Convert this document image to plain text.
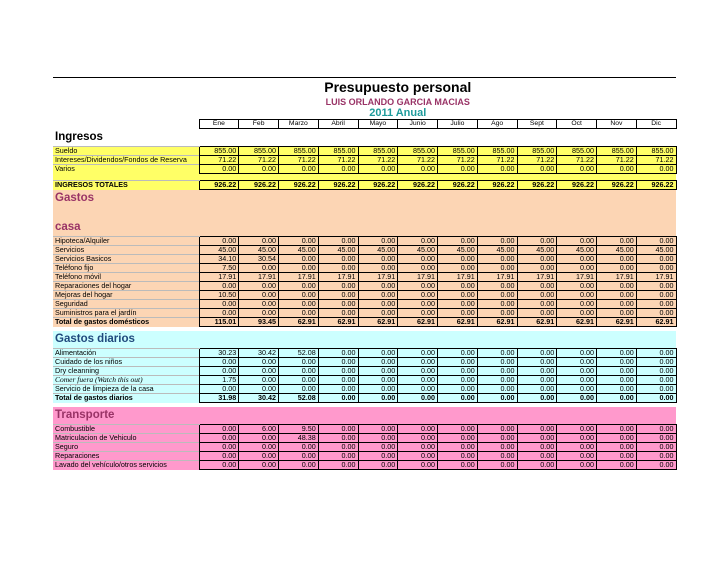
			Presupuesto personal									
			LUIS ORLANDO GARCIA MACIAS									
			2011 Anual									
	Ene	Feb	Marzo	Abril	Mayo	Junio	Julio	Ago	Sept	Oct	Nov	Dic
Ingresos												
Sueldo	855.00	855.00	855.00	855.00	855.00	855.00	855.00	855.00	855.00	855.00	855.00	855.00
Intereses/Dividendos/Fondos de Reserva	71.22	71.22	71.22	71.22	71.22	71.22	71.22	71.22	71.22	71.22	71.22	71.22
Varios	0.00	0.00	0.00	0.00	0.00	0.00	0.00	0.00	0.00	0.00	0.00	0.00

INGRESOS TOTALES	926.22	926.22	926.22	926.22	926.22	926.22	926.22	926.22	926.22	926.22	926.22	926.22
Gastos												

casa												
Hipoteca/Alquiler	0.00	0.00	0.00	0.00	0.00	0.00	0.00	0.00	0.00	0.00	0.00	0.00
Servicios	45.00	45.00	45.00	45.00	45.00	45.00	45.00	45.00	45.00	45.00	45.00	45.00
Servicios Basicos	34.10	30.54	0.00	0.00	0.00	0.00	0.00	0.00	0.00	0.00	0.00	0.00
Teléfono fijo	7.50	0.00	0.00	0.00	0.00	0.00	0.00	0.00	0.00	0.00	0.00	0.00
Teléfono móvil	17.91	17.91	17.91	17.91	17.91	17.91	17.91	17.91	17.91	17.91	17.91	17.91
Reparaciones del hogar	0.00	0.00	0.00	0.00	0.00	0.00	0.00	0.00	0.00	0.00	0.00	0.00
Mejoras del hogar	10.50	0.00	0.00	0.00	0.00	0.00	0.00	0.00	0.00	0.00	0.00	0.00
Seguridad	0.00	0.00	0.00	0.00	0.00	0.00	0.00	0.00	0.00	0.00	0.00	0.00
Suministros para el jardín	0.00	0.00	0.00	0.00	0.00	0.00	0.00	0.00	0.00	0.00	0.00	0.00
Total de gastos domésticos	115.01	93.45	62.91	62.91	62.91	62.91	62.91	62.91	62.91	62.91	62.91	62.91

Gastos diarios												
Alimentación	30.23	30.42	52.08	0.00	0.00	0.00	0.00	0.00	0.00	0.00	0.00	0.00
Cuidado de los niños	0.00	0.00	0.00	0.00	0.00	0.00	0.00	0.00	0.00	0.00	0.00	0.00
Dry cleanning	0.00	0.00	0.00	0.00	0.00	0.00	0.00	0.00	0.00	0.00	0.00	0.00
Comer fuera (Watch this out)	1.75	0.00	0.00	0.00	0.00	0.00	0.00	0.00	0.00	0.00	0.00	0.00
Servicio de limpieza de la casa	0.00	0.00	0.00	0.00	0.00	0.00	0.00	0.00	0.00	0.00	0.00	0.00
Total de gastos diarios	31.98	30.42	52.08	0.00	0.00	0.00	0.00	0.00	0.00	0.00	0.00	0.00

Transporte												
Combustible	0.00	6.00	9.50	0.00	0.00	0.00	0.00	0.00	0.00	0.00	0.00	0.00
Matriculacion de Vehiculo	0.00	0.00	48.38	0.00	0.00	0.00	0.00	0.00	0.00	0.00	0.00	0.00
Seguro	0.00	0.00	0.00	0.00	0.00	0.00	0.00	0.00	0.00	0.00	0.00	0.00
Reparaciones	0.00	0.00	0.00	0.00	0.00	0.00	0.00	0.00	0.00	0.00	0.00	0.00
Lavado del vehículo/otros servicios	0.00	0.00	0.00	0.00	0.00	0.00	0.00	0.00	0.00	0.00	0.00	0.00
